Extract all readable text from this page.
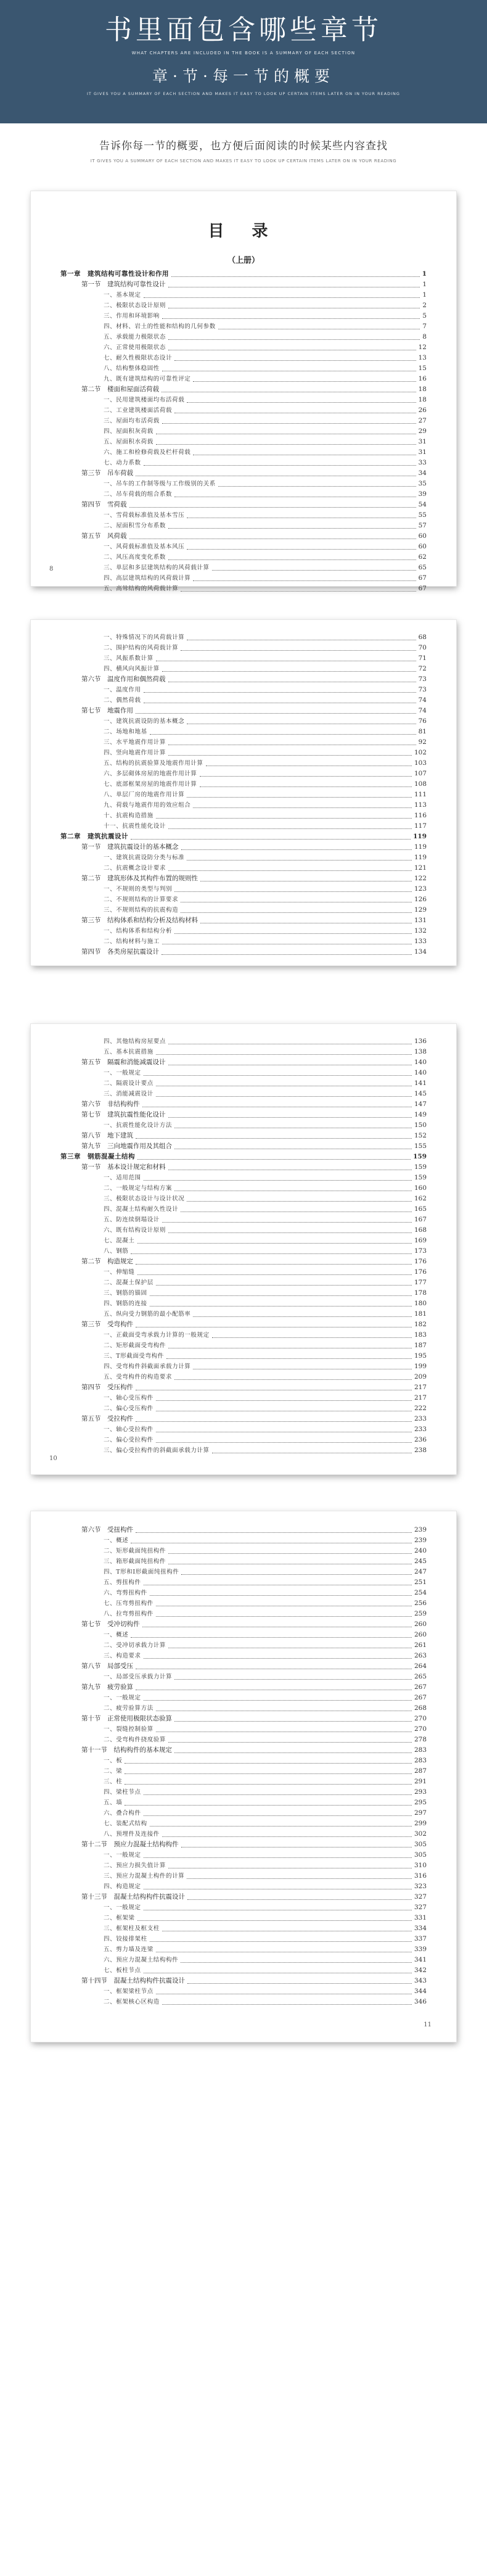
书里面包含哪些章节
WHAT CHAPTERS ARE INCLUDED IN THE BOOK IS A SUMMARY OF EACH SECTION
章·节·每一节的概要
IT GIVES YOU A SUMMARY OF EACH SECTION AND MAKES IT EASY TO LOOK UP CERTAIN ITEMS LATER ON IN YOUR READING
告诉你每一节的概要，也方便后面阅读的时候某些内容查找
IT GIVES YOU A SUMMARY OF EACH SECTION AND MAKES IT EASY TO LOOK UP CERTAIN ITEMS LATER ON IN YOUR READING
目 录
（上册）
第一章　建筑结构可靠性设计和作用	1
第一节　建筑结构可靠性设计	1
一、基本规定	1
二、极限状态设计原则	2
三、作用和环境影响	5
四、材料、岩土的性能和结构的几何参数	7
五、承载能力极限状态	8
六、正常使用极限状态	12
七、耐久性极限状态设计	13
八、结构整体稳固性	15
九、既有建筑结构的可靠性评定	16
第二节　楼面和屋面活荷载	18
一、民用建筑楼面均布活荷载	18
二、工业建筑楼面活荷载	26
三、屋面均布活荷载	27
四、屋面积灰荷载	29
五、屋面积水荷载	31
六、施工和检修荷载及栏杆荷载	31
七、动力系数	33
第三节　吊车荷载	34
一、吊车的工作制等级与工作级别的关系	35
二、吊车荷载的组合系数	39
第四节　雪荷载	54
一、雪荷载标准值及基本雪压	55
二、屋面积雪分布系数	57
第五节　风荷载	60
一、风荷载标准值及基本风压	60
二、风压高度变化系数	62
三、单层和多层建筑结构的风荷载计算	65
四、高层建筑结构的风荷载计算	67
五、高耸结构的风荷载计算	67
8
一、特殊情况下的风荷载计算	68
二、围护结构的风荷载计算	70
三、风振系数计算	71
四、横风向风振计算	72
第六节　温度作用和偶然荷载	73
一、温度作用	73
二、偶然荷载	74
第七节　地震作用	74
一、建筑抗震设防的基本概念	76
二、场地和地基	81
三、水平地震作用计算	92
四、竖向地震作用计算	102
五、结构的抗震验算及地震作用计算	103
六、多层砌体房屋的地震作用计算	107
七、底部框架房屋的地震作用计算	108
八、单层厂房的地震作用计算	111
九、荷载与地震作用的效应组合	113
十、抗震构造措施	116
十一、抗震性能化设计	117
第二章　建筑抗震设计	119
第一节　建筑抗震设计的基本概念	119
一、建筑抗震设防分类与标准	119
二、抗震概念设计要求	121
第二节　建筑形体及其构件布置的规则性	122
一、不规则的类型与判别	123
二、不规则结构的计算要求	126
三、不规则结构的抗震构造	129
第三节　结构体系和结构分析及结构材料	131
一、结构体系和结构分析	132
二、结构材料与施工	133
第四节　各类房屋抗震设计	134
四、其他结构房屋要点	136
五、基本抗震措施	138
第五节　隔震和消能减震设计	140
一、一般规定	140
二、隔震设计要点	141
三、消能减震设计	145
第六节　非结构构件	147
第七节　建筑抗震性能化设计	149
一、抗震性能化设计方法	150
第八节　地下建筑	152
第九节　三向地震作用及其组合	155
第三章　钢筋混凝土结构	159
第一节　基本设计规定和材料	159
一、适用范围	159
二、一般规定与结构方案	160
三、极限状态设计与设计状况	162
四、混凝土结构耐久性设计	165
五、防连续倒塌设计	167
六、既有结构设计原则	168
七、混凝土	169
八、钢筋	173
第二节　构造规定	176
一、伸缩缝	176
二、混凝土保护层	177
三、钢筋的锚固	178
四、钢筋的连接	180
五、纵向受力钢筋的最小配筋率	181
第三节　受弯构件	182
一、正截面受弯承载力计算的一般规定	183
二、矩形截面受弯构件	187
三、T形截面受弯构件	195
四、受弯构件斜截面承载力计算	199
五、受弯构件的构造要求	209
第四节　受压构件	217
一、轴心受压构件	217
二、偏心受压构件	222
第五节　受拉构件	233
一、轴心受拉构件	233
二、偏心受拉构件	236
三、偏心受拉构件的斜截面承载力计算	238
10
第六节　受扭构件	239
一、概述	239
二、矩形截面纯扭构件	240
三、箱形截面纯扭构件	245
四、T形和I形截面纯扭构件	247
五、剪扭构件	251
六、弯剪扭构件	254
七、压弯剪扭构件	256
八、拉弯剪扭构件	259
第七节　受冲切构件	260
一、概述	260
二、受冲切承载力计算	261
三、构造要求	263
第八节　局部受压	264
一、局部受压承载力计算	265
第九节　疲劳验算	267
一、一般规定	267
二、疲劳验算方法	268
第十节　正常使用极限状态验算	270
一、裂缝控制验算	270
二、受弯构件挠度验算	278
第十一节　结构构件的基本规定	283
一、板	283
二、梁	287
三、柱	291
四、梁柱节点	293
五、墙	295
六、叠合构件	297
七、装配式结构	299
八、预埋件及连接件	302
第十二节　预应力混凝土结构构件	305
一、一般规定	305
二、预应力损失值计算	310
三、预应力混凝土构件的计算	316
四、构造规定	323
第十三节　混凝土结构构件抗震设计	327
一、一般规定	327
二、框架梁	331
三、框架柱及框支柱	334
四、铰接排架柱	337
五、剪力墙及连梁	339
六、预应力混凝土结构构件	341
七、板柱节点	342
第十四节　混凝土结构构件抗震设计	343
一、框架梁柱节点	344
二、框架核心区构造	346
11
